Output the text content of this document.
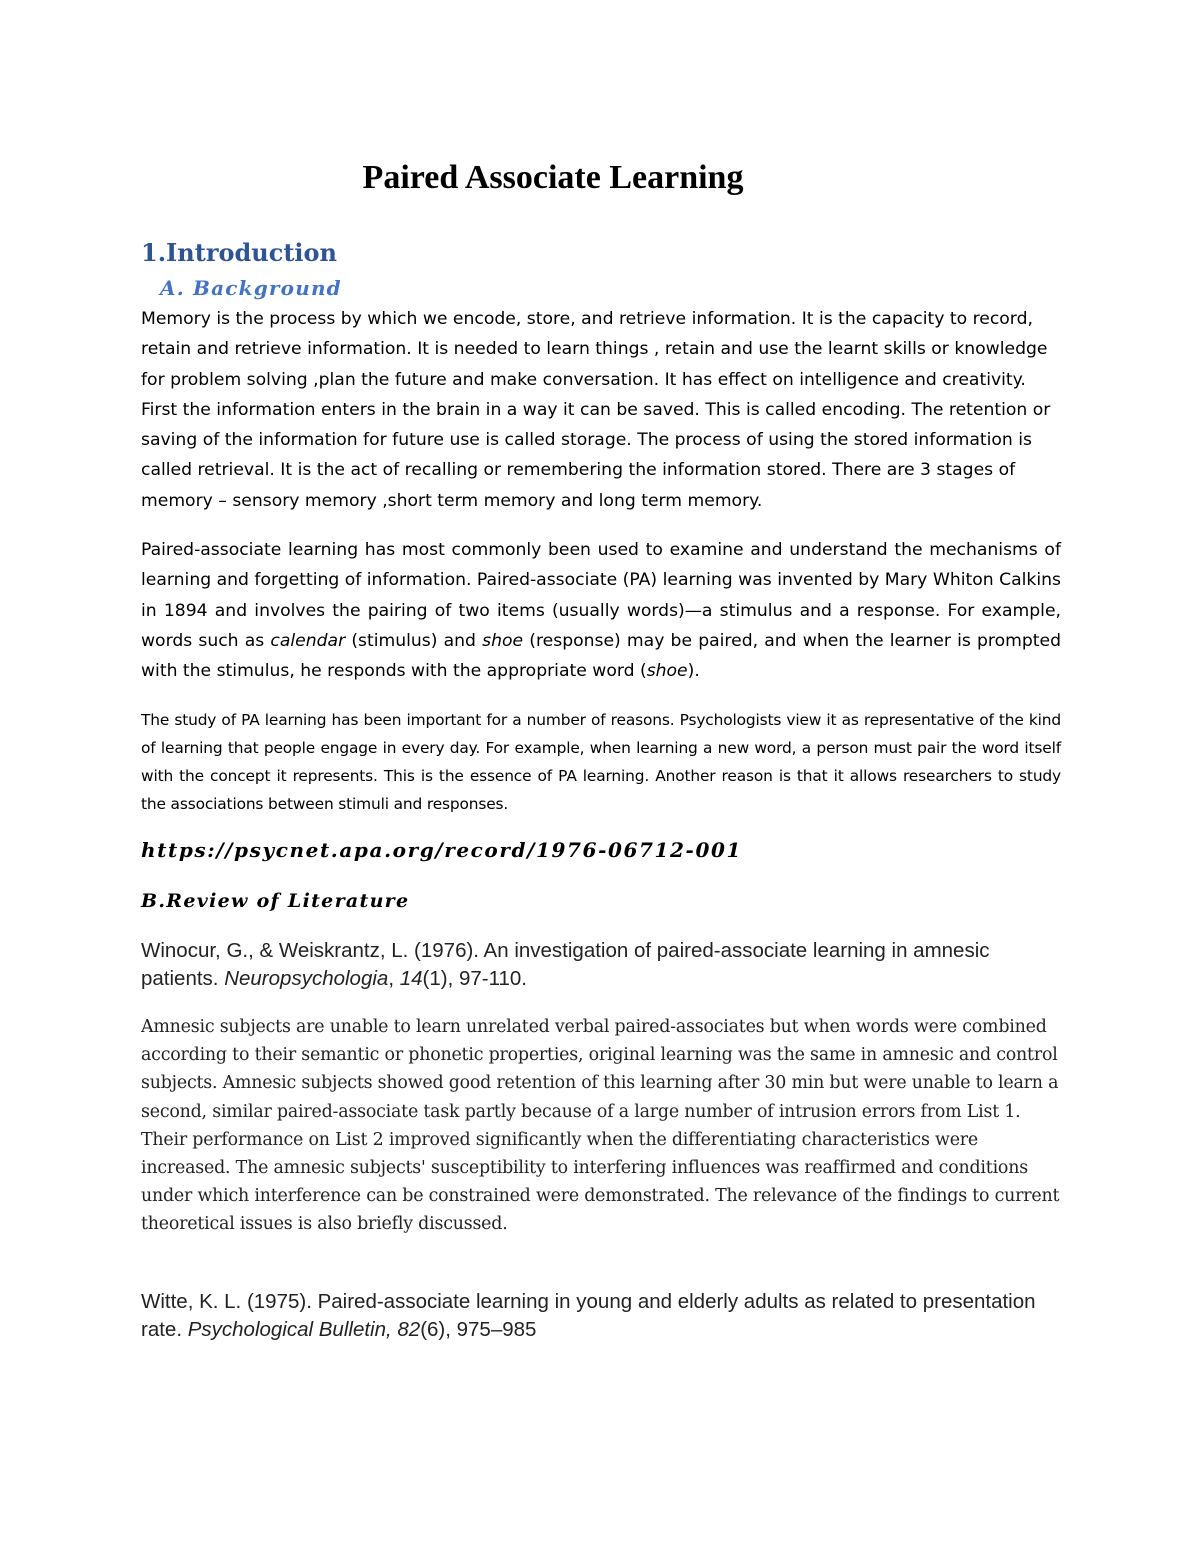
Paired Associate Learning
1.Introduction
A. Background

Memory is the process by which we encode, store, and retrieve information. It is the capacity to record, retain and retrieve information. It is needed to learn things , retain and use the learnt skills or knowledge for problem solving ,plan the future and make conversation. It has effect on intelligence and creativity. First the information enters in the brain in a way it can be saved. This is called encoding. The retention or saving of the information for future use is called storage. The process of using the stored information is called retrieval. It is the act of recalling or remembering the information stored. There are 3 stages of memory – sensory memory ,short term memory and long term memory.

Paired-associate learning has most commonly been used to examine and understand the mechanisms of learning and forgetting of information. Paired-associate (PA) learning was invented by Mary Whiton Calkins in 1894 and involves the pairing of two items (usually words)—a stimulus and a response. For example, words such as calendar (stimulus) and shoe (response) may be paired, and when the learner is prompted with the stimulus, he responds with the appropriate word (shoe).

The study of PA learning has been important for a number of reasons. Psychologists view it as representative of the kind of learning that people engage in every day. For example, when learning a new word, a person must pair the word itself with the concept it represents. This is the essence of PA learning. Another reason is that it allows researchers to study the associations between stimuli and responses.

https://psycnet.apa.org/record/1976-06712-001

B.Review of Literature

Winocur, G., & Weiskrantz, L. (1976). An investigation of paired-associate learning in amnesic patients. Neuropsychologia, 14(1), 97-110.

Amnesic subjects are unable to learn unrelated verbal paired-associates but when words were combined according to their semantic or phonetic properties, original learning was the same in amnesic and control subjects. Amnesic subjects showed good retention of this learning after 30 min but were unable to learn a second, similar paired-associate task partly because of a large number of intrusion errors from List 1. Their performance on List 2 improved significantly when the differentiating characteristics were increased. The amnesic subjects' susceptibility to interfering influences was reaffirmed and conditions under which interference can be constrained were demonstrated. The relevance of the findings to current theoretical issues is also briefly discussed.

Witte, K. L. (1975). Paired-associate learning in young and elderly adults as related to presentation rate. Psychological Bulletin, 82(6), 975–985
